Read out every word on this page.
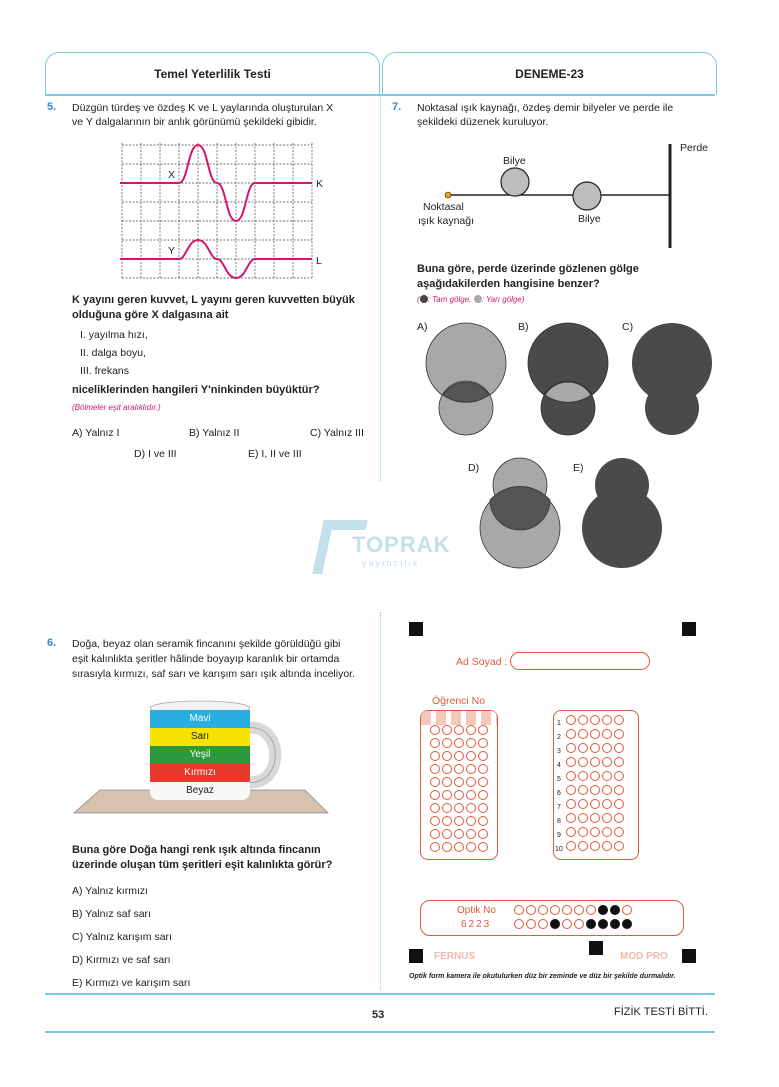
Temel Yeterlilik Testi	DENEME-23
5. Düzgün türdeş ve özdeş K ve L yaylarında oluşturulan X
ve Y dalgalarının bir anlık görünümü şekildeki gibidir.
X
K
Y
L
K yayını geren kuvvet, L yayını geren kuvvetten büyük
olduğuna göre X dalgasına ait
I. yayılma hızı,
II. dalga boyu,
III. frekans
niceliklerinden hangileri Y'ninkinden büyüktür?
(Bölmeler eşit aralıklıdır.)
A) Yalnız I	B) Yalnız II	C) Yalnız III
D) I ve III	E) I, II ve III
7. Noktasal ışık kaynağı, özdeş demir bilyeler ve perde ile
şekildeki düzenek kuruluyor.
Perde
Bilye
Bilye
Noktasal
ışık kaynağı
Buna göre, perde üzerinde gözlenen gölge
aşağıdakilerden hangisine benzer?
( : Tam gölge, : Yarı gölge)
A)	B)	C)
D)	E)
TOPRAK
yayıncılık
6. Doğa, beyaz olan seramik fincanını şekilde görüldüğü gibi
eşit kalınlıkta şeritler hâlinde boyayıp karanlık bir ortamda
sırasıyla kırmızı, saf sarı ve karışım sarı ışık altında inceliyor.
Mavi
Sarı
Yeşil
Kırmızı
Beyaz
Buna göre Doğa hangi renk ışık altında fincanın
üzerinde oluşan tüm şeritleri eşit kalınlıkta görür?
A) Yalnız kırmızı
B) Yalnız saf sarı
C) Yalnız karışım sarı
D) Kırmızı ve saf sarı
E) Kırmızı ve karışım sarı
Ad Soyad :
Öğrenci No
1
2
3
4
5
6
7
8
9
10
Optik No
6223
FERNUS	MOD PRO
Optik form kamera ile okutulurken düz bir zeminde ve düz bir şekilde durmalıdır.
53	FİZİK TESTİ BİTTİ.
